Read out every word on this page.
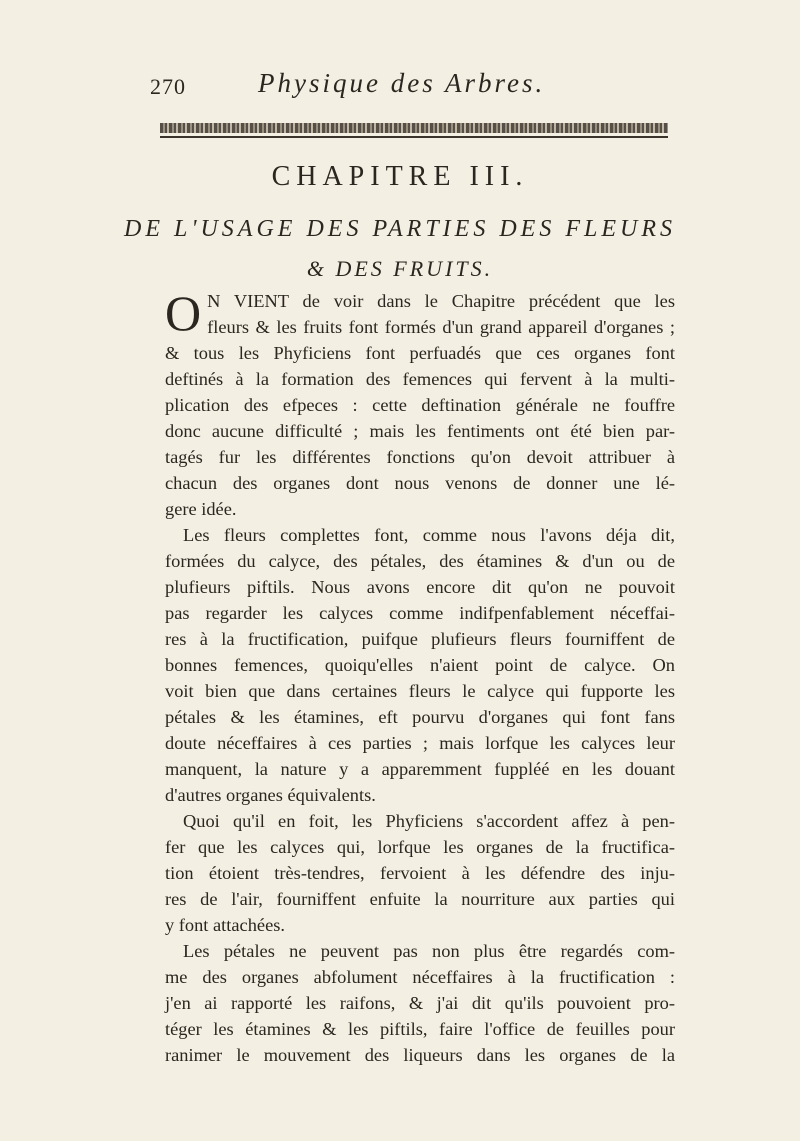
270	Physique des Arbres.
CHAPITRE III.
DE L'USAGE DES PARTIES DES FLEURS
& DES FRUITS.
O N VIENT de voir dans le Chapitre précédent que les
fleurs & les fruits font formés d'un grand appareil d'organes ;
& tous les Phyficiens font perfuadés que ces organes font
deftinés à la formation des femences qui fervent à la multi-
plication des efpeces : cette deftination générale ne fouffre
donc aucune difficulté ; mais les fentiments ont été bien par-
tagés fur les différentes fonctions qu'on devoit attribuer à
chacun des organes dont nous venons de donner une lé-
gere idée.
Les fleurs complettes font, comme nous l'avons déja dit,
formées du calyce, des pétales, des étamines & d'un ou de
plufieurs piftils. Nous avons encore dit qu'on ne pouvoit
pas regarder les calyces comme indifpenfablement néceffai-
res à la fructification, puifque plufieurs fleurs fourniffent de
bonnes femences, quoiqu'elles n'aient point de calyce. On
voit bien que dans certaines fleurs le calyce qui fupporte les
pétales & les étamines, eft pourvu d'organes qui font fans
doute néceffaires à ces parties ; mais lorfque les calyces leur
manquent, la nature y a apparemment fuppléé en les douant
d'autres organes équivalents.
Quoi qu'il en foit, les Phyficiens s'accordent affez à pen-
fer que les calyces qui, lorfque les organes de la fructifica-
tion étoient très-tendres, fervoient à les défendre des inju-
res de l'air, fourniffent enfuite la nourriture aux parties qui
y font attachées.
Les pétales ne peuvent pas non plus être regardés com-
me des organes abfolument néceffaires à la fructification :
j'en ai rapporté les raifons, & j'ai dit qu'ils pouvoient pro-
téger les étamines & les piftils, faire l'office de feuilles pour
ranimer le mouvement des liqueurs dans les organes de la
